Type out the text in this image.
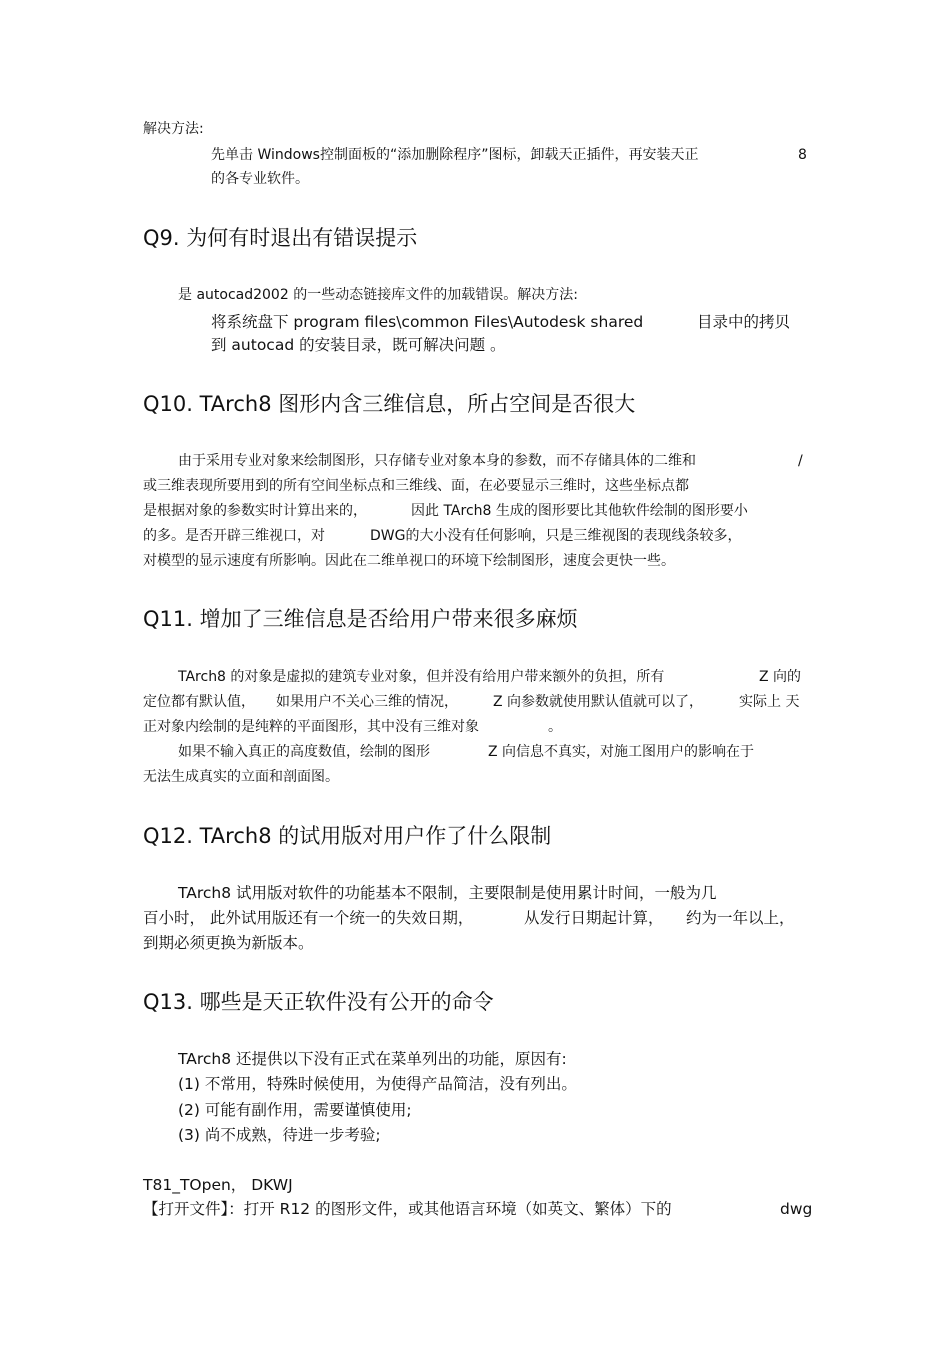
解决方法:
先单击 Windows控制面板的“添加删除程序”图标，卸载天正插件，再安装天正	8
的各专业软件。
Q9. 为何有时退出有错误提示
是 autocad2002 的一些动态链接库文件的加载错误。解决方法:
将系统盘下 program files\common Files\Autodesk shared	目录中的拷贝
到 autocad 的安装目录，既可解决问题 。
Q10. TArch8 图形内含三维信息，所占空间是否很大
由于采用专业对象来绘制图形，只存储专业对象本身的参数，而不存储具体的二维和	/
或三维表现所要用到的所有空间坐标点和三维线、面，在必要显示三维时，这些坐标点都
是根据对象的参数实时计算出来的，	因此 TArch8 生成的图形要比其他软件绘制的图形要小
的多。是否开辟三维视口，对	DWG的大小没有任何影响，只是三维视图的表现线条较多，
对模型的显示速度有所影响。因此在二维单视口的环境下绘制图形，速度会更快一些。
Q11. 增加了三维信息是否给用户带来很多麻烦
TArch8 的对象是虚拟的建筑专业对象，但并没有给用户带来额外的负担，所有	Z 向的
定位都有默认值， 如果用户不关心三维的情况，	Z 向参数就使用默认值就可以了，	实际上 天
正对象内绘制的是纯粹的平面图形，其中没有三维对象	。
如果不输入真正的高度数值，绘制的图形	Z 向信息不真实，对施工图用户的影响在于
无法生成真实的立面和剖面图。
Q12. TArch8 的试用版对用户作了什么限制
TArch8 试用版对软件的功能基本不限制，主要限制是使用累计时间，一般为几
百小时， 此外试用版还有一个统一的失效日期，	从发行日期起计算， 约为一年以上，
到期必须更换为新版本。
Q13. 哪些是天正软件没有公开的命令
TArch8 还提供以下没有正式在菜单列出的功能，原因有:
(1) 不常用，特殊时候使用，为使得产品简洁，没有列出。
(2) 可能有副作用，需要谨慎使用;
(3) 尚不成熟，待进一步考验;
T81_TOpen， DKWJ
【打开文件】：打开 R12 的图形文件，或其他语言环境（如英文、繁体）下的	dwg
